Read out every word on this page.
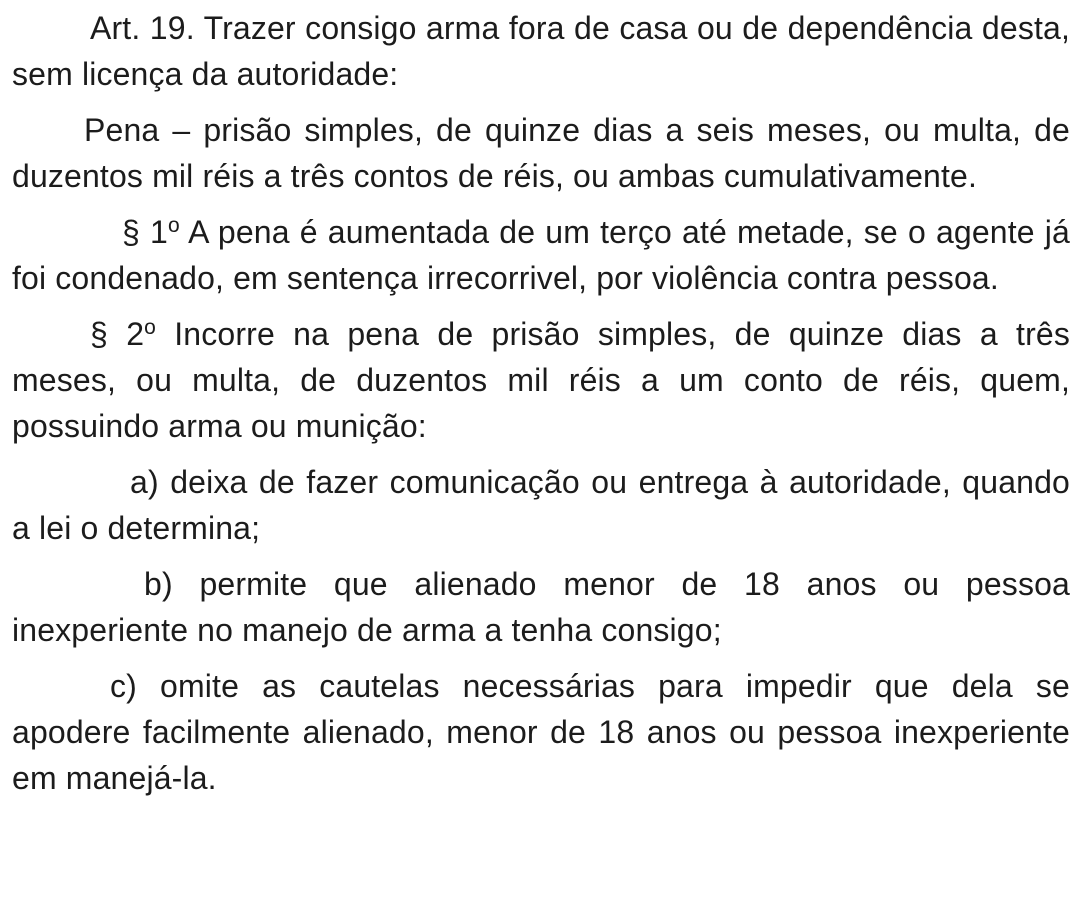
Art. 19. Trazer consigo arma fora de casa ou de dependência desta, sem licença da autoridade:

Pena – prisão simples, de quinze dias a seis meses, ou multa, de duzentos mil réis a três contos de réis, ou ambas cumulativamente.

§ 1$^o$ A pena é aumentada de um terço até metade, se o agente já foi condenado, em sentença irrecorrivel, por violência contra pessoa.

§ 2$^o$ Incorre na pena de prisão simples, de quinze dias a três meses, ou multa, de duzentos mil réis a um conto de réis, quem, possuindo arma ou munição:

a) deixa de fazer comunicação ou entrega à autoridade, quando a lei o determina;

b) permite que alienado menor de 18 anos ou pessoa inexperiente no manejo de arma a tenha consigo;

c) omite as cautelas necessárias para impedir que dela se apodere facilmente alienado, menor de 18 anos ou pessoa inexperiente em manejá-la.
